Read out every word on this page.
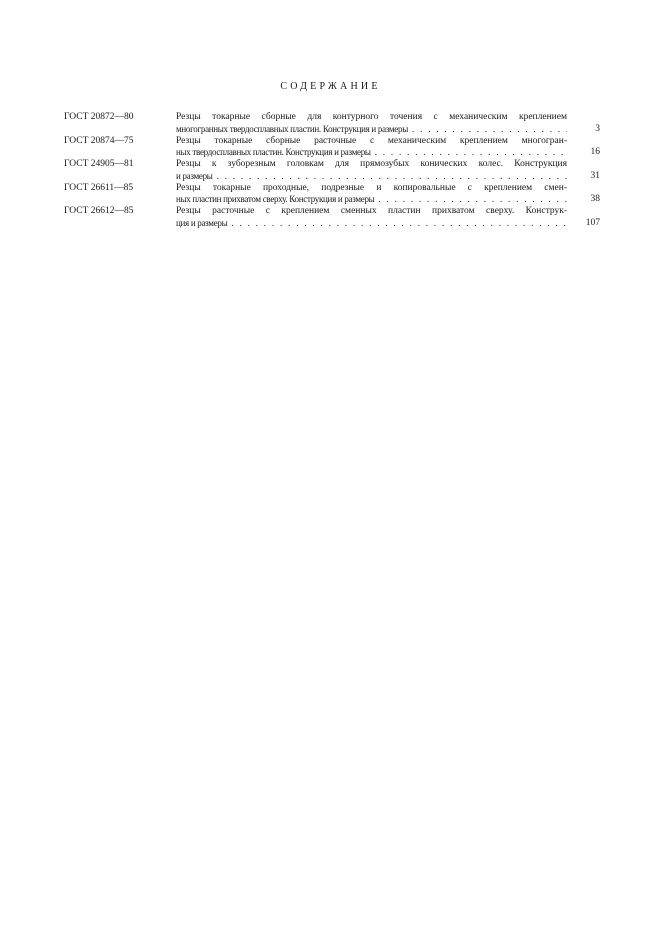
СОДЕРЖАНИЕ
ГОСТ 20872—80	Резцы токарные сборные для контурного точения с механическим креплением
многогранных твердосплавных пластин. Конструкция и размеры . . .	3
ГОСТ 20874—75	Резцы токарные сборные расточные с механическим креплением многогран-
ных твердосплавных пластин. Конструкция и размеры . . .	16
ГОСТ 24905—81	Резцы к зуборезным головкам для прямозубых конических колес. Конструкция
и размеры . . .	31
ГОСТ 26611—85	Резцы токарные проходные, подрезные и копировальные с креплением смен-
ных пластин прихватом сверху. Конструкция и размеры . . .	38
ГОСТ 26612—85	Резцы расточные с креплением сменных пластин прихватом сверху. Конструк-
ция и размеры . . .	107
